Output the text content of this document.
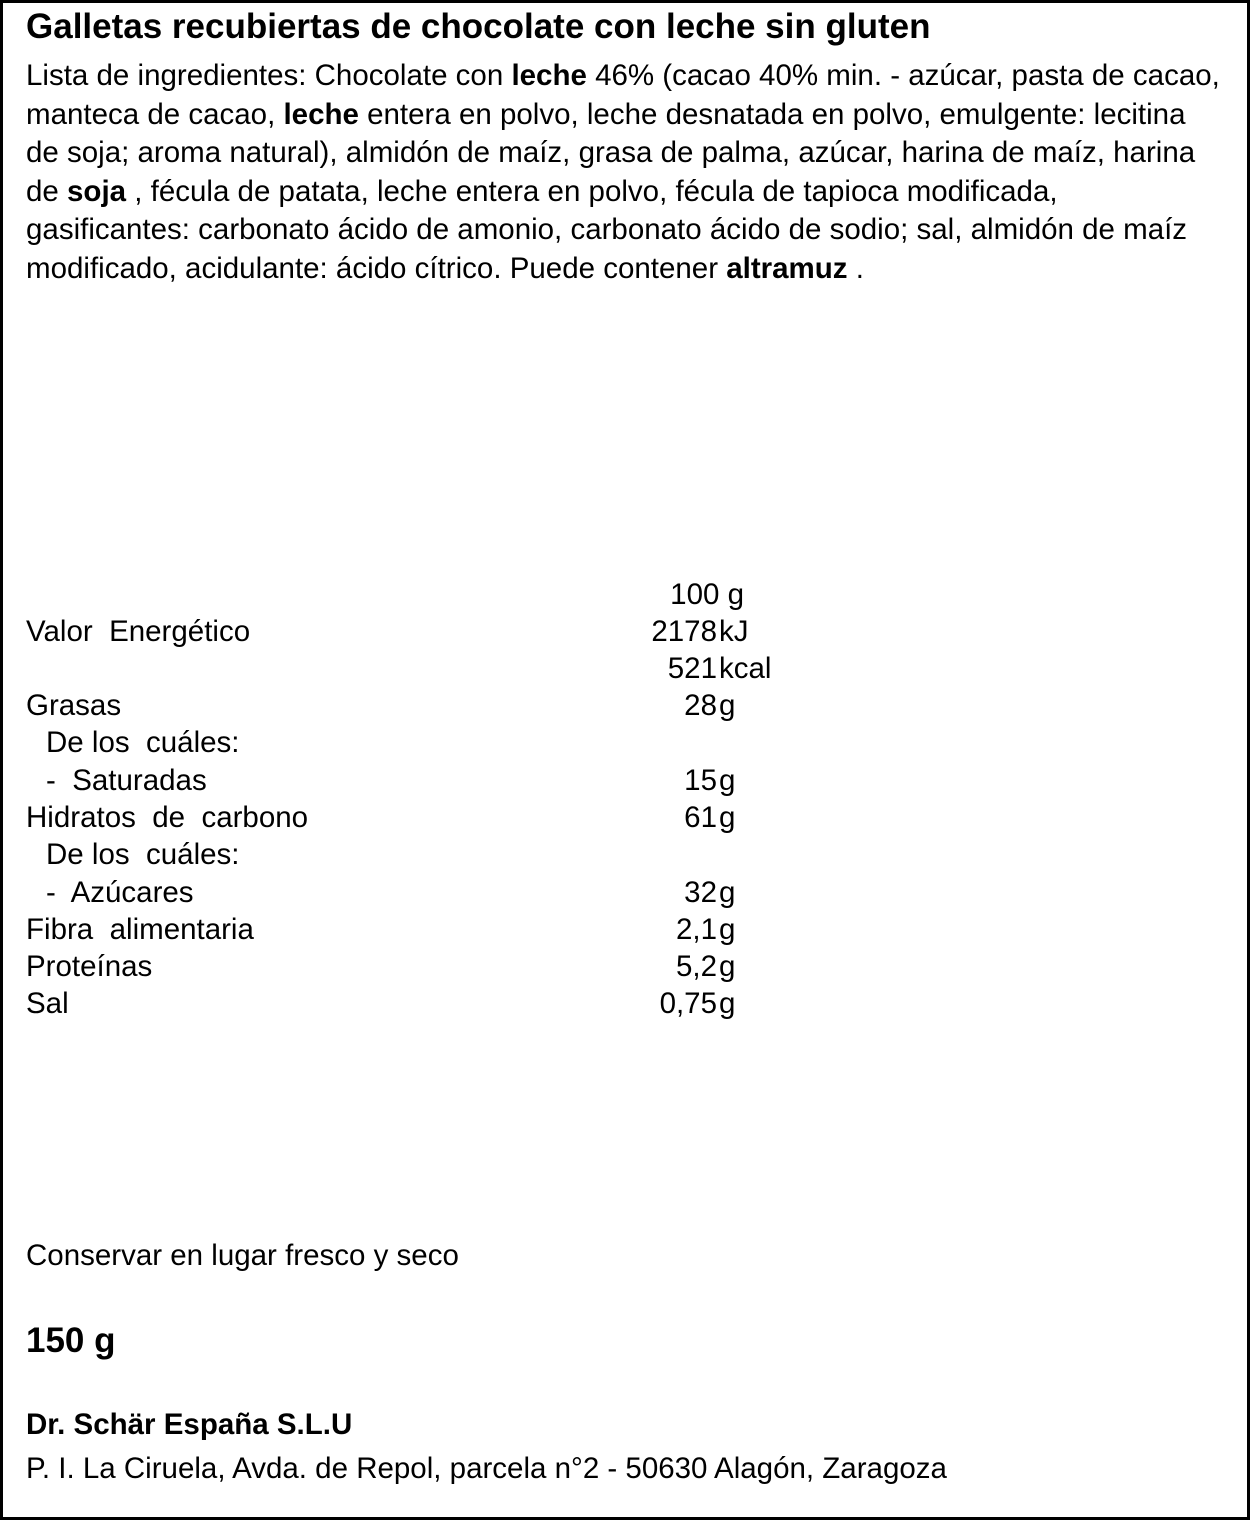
Galletas recubiertas de chocolate con leche sin gluten
Lista de ingredientes: Chocolate con leche 46% (cacao 40% min. - azúcar, pasta de cacao, manteca de cacao, leche entera en polvo, leche desnatada en polvo, emulgente: lecitina de soja; aroma natural), almidón de maíz, grasa de palma, azúcar, harina de maíz, harina de soja , fécula de patata, leche entera en polvo, fécula de tapioca modificada, gasificantes: carbonato ácido de amonio, carbonato ácido de sodio; sal, almidón de maíz modificado, acidulante: ácido cítrico. Puede contener altramuz .
100 g
Valor  Energético	2178 kJ
521 kcal
Grasas	28 g
De los  cuáles:
-  Saturadas	15 g
Hidratos  de  carbono	61 g
De los  cuáles:
-  Azúcares	32 g
Fibra  alimentaria	2,1 g
Proteínas	5,2 g
Sal	0,75 g
Conservar en lugar fresco y seco
150 g
Dr. Schär España S.L.U
P. I. La Ciruela, Avda. de Repol, parcela n°2 - 50630 Alagón, Zaragoza
